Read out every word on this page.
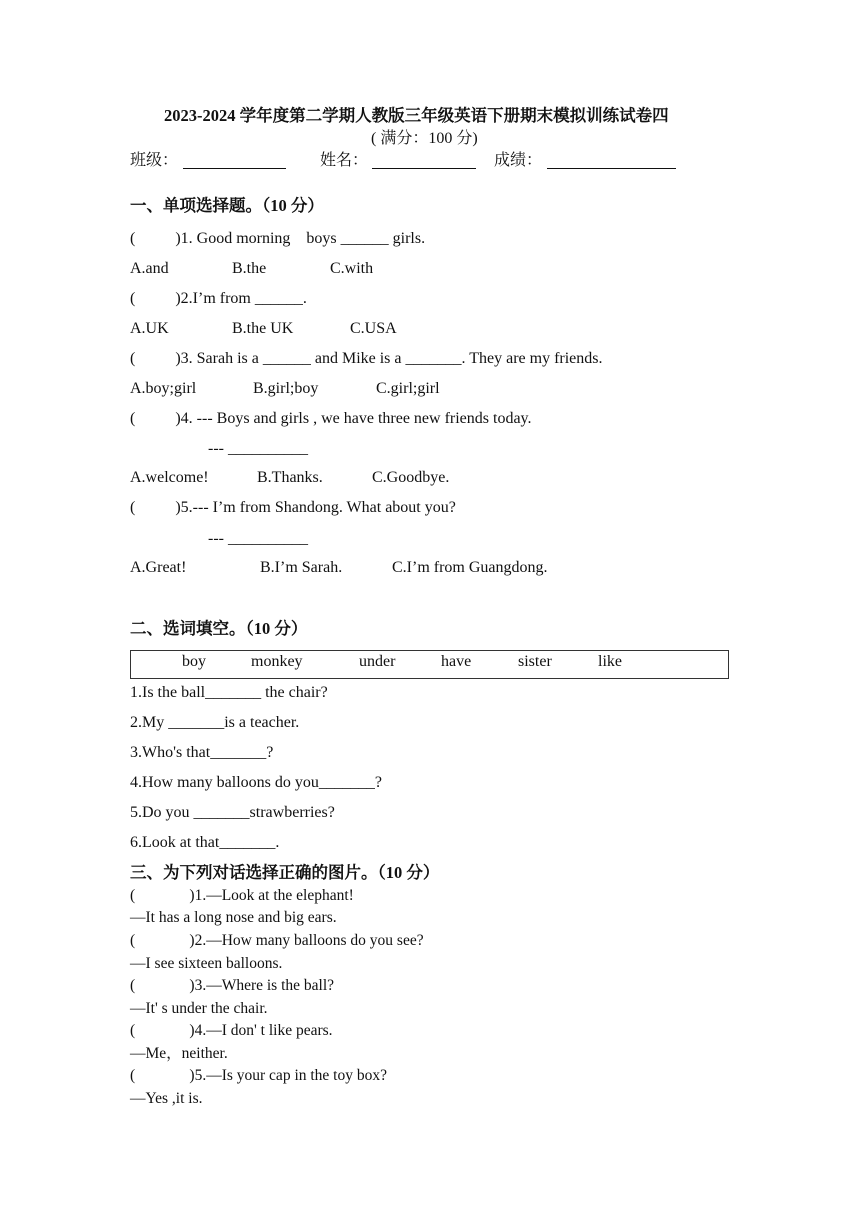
2023-2024 学年度第二学期人教版三年级英语下册期末模拟训练试卷四
( 满分：100 分)
班级：	姓名：	成绩：
一、单项选择题。（10 分）
(          )1. Good morning    boys ______ girls.
A.and	B.the	C.with
(          )2.I’m from ______.
A.UK	B.the UK	C.USA
(          )3. Sarah is a ______ and Mike is a _______. They are my friends.
A.boy;girl	B.girl;boy	C.girl;girl
(          )4. --- Boys and girls , we have three new friends today.
--- __________
A.welcome!	B.Thanks.	C.Goodbye.
(          )5.--- I’m from Shandong. What about you?
--- __________
A.Great!	B.I’m Sarah.	C.I’m from Guangdong.
二、选词填空。（10 分）
boy	monkey	under	have	sister	like
1.Is the ball_______ the chair?
2.My _______is a teacher.
3.Who's that_______?
4.How many balloons do you_______?
5.Do you _______strawberries?
6.Look at that_______.
三、为下列对话选择正确的图片。（10 分）
(              )1.—Look at the elephant!
—It has a long nose and big ears.
(              )2.—How many balloons do you see?
—I see sixteen balloons.
(              )3.—Where is the ball?
—It' s under the chair.
(              )4.—I don' t like pears.
—Me，neither.
(              )5.—Is your cap in the toy box?
—Yes ,it is.
